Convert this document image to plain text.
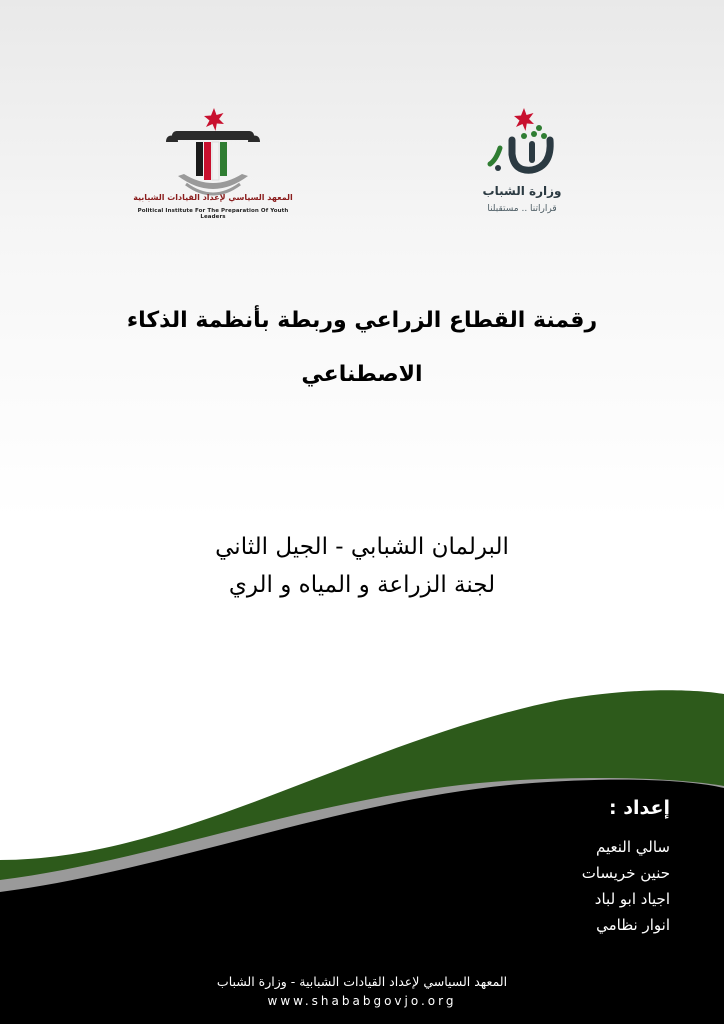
المعهد السياسي لإعداد القيادات الشبابية
Political Institute For The Preparation Of Youth Leaders
وزارة الشباب
قراراتنا .. مستقبلنا
رقمنة القطاع الزراعي وربطة بأنظمة الذكاء
الاصطناعي
البرلمان الشبابي - الجيل الثاني
لجنة الزراعة و المياه و الري
إعداد :
سالي النعيم
حنين خريسات
اجياد ابو لباد
انوار نظامي
المعهد السياسي لإعداد القيادات الشبابية - وزارة الشباب
www.shababgovjo.org
